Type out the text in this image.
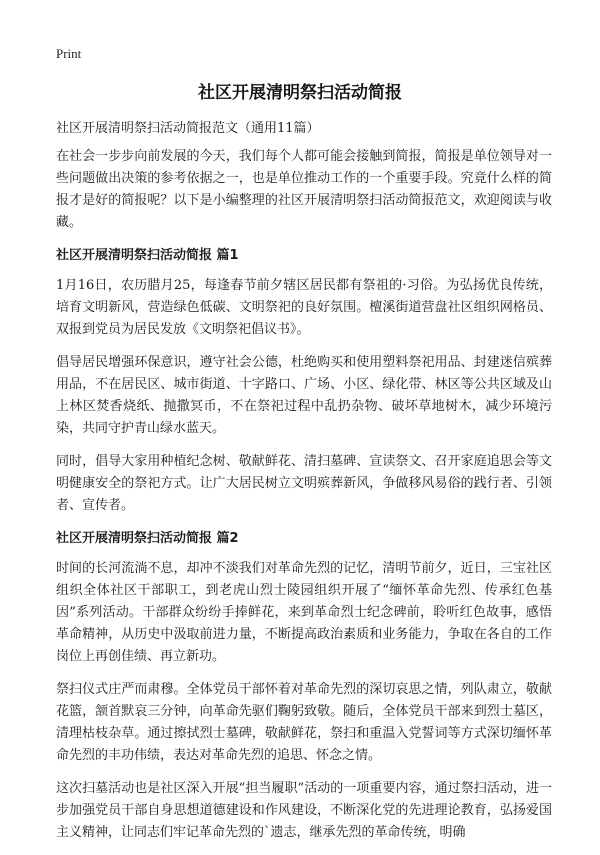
Print
社区开展清明祭扫活动简报
社区开展清明祭扫活动简报范文（通用11篇）

在社会一步步向前发展的今天，我们每个人都可能会接触到简报，简报是单位领导对一些问题做出决策的参考依据之一，也是单位推动工作的一个重要手段。究竟什么样的简报才是好的简报呢？以下是小编整理的社区开展清明祭扫活动简报范文，欢迎阅读与收藏。

社区开展清明祭扫活动简报 篇1

1月16日，农历腊月25，每逢春节前夕辖区居民都有祭祖的·习俗。为弘扬优良传统，培育文明新风，营造绿色低碳、文明祭祀的良好氛围。檀溪街道营盘社区组织网格员、双报到党员为居民发放《文明祭祀倡议书》。

倡导居民增强环保意识，遵守社会公德，杜绝购买和使用塑料祭祀用品、封建迷信殡葬用品，不在居民区、城市街道、十字路口、广场、小区、绿化带、林区等公共区域及山上林区焚香烧纸、抛撒冥币，不在祭祀过程中乱扔杂物、破坏草地树木，减少环境污染，共同守护青山绿水蓝天。

同时，倡导大家用种植纪念树、敬献鲜花、清扫墓碑、宣读祭文、召开家庭追思会等文明健康安全的祭祀方式。让广大居民树立文明殡葬新风，争做移风易俗的践行者、引领者、宣传者。

社区开展清明祭扫活动简报 篇2

时间的长河流淌不息，却冲不淡我们对革命先烈的记忆，清明节前夕，近日，三宝社区组织全体社区干部职工，到老虎山烈士陵园组织开展了“缅怀革命先烈、传承红色基因”系列活动。干部群众纷纷手捧鲜花，来到革命烈士纪念碑前，聆听红色故事，感悟革命精神，从历史中汲取前进力量，不断提高政治素质和业务能力，争取在各自的工作岗位上再创佳绩、再立新功。

祭扫仪式庄严而肃穆。全体党员干部怀着对革命先烈的深切哀思之情，列队肃立，敬献花篮，颔首默哀三分钟，向革命先驱们鞠躬致敬。随后，全体党员干部来到烈士墓区，清理枯枝杂草。通过擦拭烈士墓碑，敬献鲜花，祭扫和重温入党誓词等方式深切缅怀革命先烈的丰功伟绩，表达对革命先烈的追思、怀念之情。

这次扫墓活动也是社区深入开展“担当履职”活动的一项重要内容，通过祭扫活动，进一步加强党员干部自身思想道德建设和作风建设，不断深化党的先进理论教育，弘扬爱国主义精神，让同志们牢记革命先烈的`遗志，继承先烈的革命传统，明确
